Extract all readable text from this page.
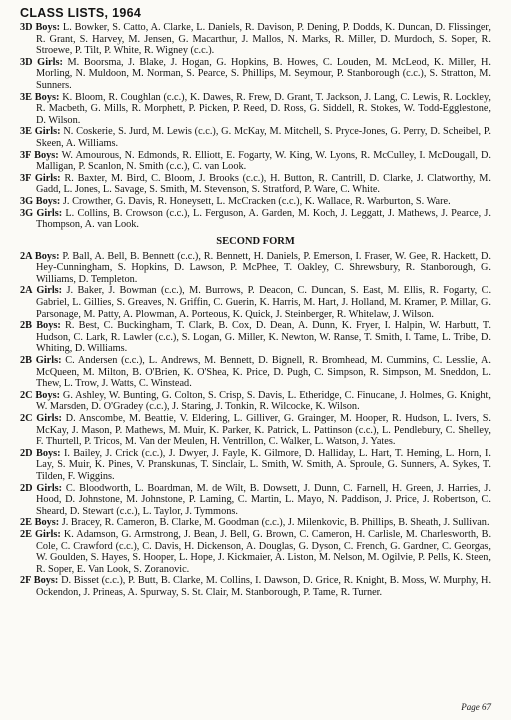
CLASS LISTS, 1964

3D Boys: L. Bowker, S. Catto, A. Clarke, L. Daniels, R. Davison, P. Dening, P. Dodds, K. Duncan, D. Flissinger, R. Grant, S. Harvey, M. Jensen, G. Macarthur, J. Mallos, N. Marks, R. Miller, D. Murdoch, S. Soper, R. Stroewe, P. Tilt, P. White, R. Wigney (c.c.).

3D Girls: M. Boorsma, J. Blake, J. Hogan, G. Hopkins, B. Howes, C. Louden, M. McLeod, K. Miller, H. Morling, N. Muldoon, M. Norman, S. Pearce, S. Phillips, M. Seymour, P. Stanborough (c.c.), S. Stratton, M. Sunners.

3E Boys: K. Bloom, R. Coughlan (c.c.), K. Dawes, R. Frew, D. Grant, T. Jackson, J. Lang, C. Lewis, R. Lockley, R. Macbeth, G. Mills, R. Morphett, P. Picken, P. Reed, D. Ross, G. Siddell, R. Stokes, W. Todd-Egglestone, D. Wilson.

3E Girls: N. Coskerie, S. Jurd, M. Lewis (c.c.), G. McKay, M. Mitchell, S. Pryce-Jones, G. Perry, D. Scheibel, P. Skeen, A. Williams.

3F Boys: W. Amourous, N. Edmonds, R. Elliott, E. Fogarty, W. King, W. Lyons, R. McCulley, I. McDougall, D. Malligan, P. Scanlon, N. Smith (c.c.), C. van Look.

3F Girls: R. Baxter, M. Bird, C. Bloom, J. Brooks (c.c.), H. Button, R. Cantrill, D. Clarke, J. Clatworthy, M. Gadd, L. Jones, L. Savage, S. Smith, M. Stevenson, S. Stratford, P. Ware, C. White.

3G Boys: J. Crowther, G. Davis, R. Honeysett, L. McCracken (c.c.), K. Wallace, R. Warburton, S. Ware.

3G Girls: L. Collins, B. Crowson (c.c.), L. Ferguson, A. Garden, M. Koch, J. Leggatt, J. Mathews, J. Pearce, J. Thompson, A. van Look.

SECOND FORM

2A Boys: P. Ball, A. Bell, B. Bennett (c.c.), R. Bennett, H. Daniels, P. Emerson, I. Fraser, W. Gee, R. Hackett, D. Hey-Cunningham, S. Hopkins, D. Lawson, P. McPhee, T. Oakley, C. Shrewsbury, R. Stanborough, G. Williams, D. Templeton.

2A Girls: J. Baker, J. Bowman (c.c.), M. Burrows, P. Deacon, C. Duncan, S. East, M. Ellis, R. Fogarty, C. Gabriel, L. Gillies, S. Greaves, N. Griffin, C. Guerin, K. Harris, M. Hart, J. Holland, M. Kramer, P. Millar, G. Parsonage, M. Patty, A. Plowman, A. Porteous, K. Quick, J. Steinberger, R. Whitelaw, J. Wilson.

2B Boys: R. Best, C. Buckingham, T. Clark, B. Cox, D. Dean, A. Dunn, K. Fryer, I. Halpin, W. Harbutt, T. Hudson, C. Lark, R. Lawler (c.c.), S. Logan, G. Miller, K. Newton, W. Ranse, T. Smith, I. Tame, L. Tribe, D. Whiting, D. Williams.

2B Girls: C. Andersen (c.c.), L. Andrews, M. Bennett, D. Bignell, R. Bromhead, M. Cummins, C. Lesslie, A. McQueen, M. Milton, B. O'Brien, K. O'Shea, K. Price, D. Pugh, C. Simpson, R. Simpson, M. Sneddon, L. Thew, L. Trow, J. Watts, C. Winstead.

2C Boys: G. Ashley, W. Bunting, G. Colton, S. Crisp, S. Davis, L. Etheridge, C. Finucane, J. Holmes, G. Knight, W. Marsden, D. O'Gradey (c.c.), J. Staring, J. Tonkin, R. Wilcocke, K. Wilson.

2C Girls: D. Anscombe, M. Beattie, V. Eldering, L. Gilliver, G. Grainger, M. Hooper, R. Hudson, L. Ivers, S. McKay, J. Mason, P. Mathews, M. Muir, K. Parker, K. Patrick, L. Pattinson (c.c.), L. Pendlebury, C. Shelley, F. Thurtell, P. Tricos, M. Van der Meulen, H. Ventrillon, C. Walker, L. Watson, J. Yates.

2D Boys: I. Bailey, J. Crick (c.c.), J. Dwyer, J. Fayle, K. Gilmore, D. Halliday, L. Hart, T. Heming, L. Horn, I. Lay, S. Muir, K. Pines, V. Pranskunas, T. Sinclair, L. Smith, W. Smith, A. Sproule, G. Sunners, A. Sykes, T. Tilden, F. Wiggins.

2D Girls: C. Bloodworth, L. Boardman, M. de Wilt, B. Dowsett, J. Dunn, C. Farnell, H. Green, J. Harries, J. Hood, D. Johnstone, M. Johnstone, P. Laming, C. Martin, L. Mayo, N. Paddison, J. Price, J. Robertson, C. Sheard, D. Stewart (c.c.), L. Taylor, J. Tymmons.

2E Boys: J. Bracey, R. Cameron, B. Clarke, M. Goodman (c.c.), J. Milenkovic, B. Phillips, B. Sheath, J. Sullivan.

2E Girls: K. Adamson, G. Armstrong, J. Bean, J. Bell, G. Brown, C. Cameron, H. Carlisle, M. Charlesworth, B. Cole, C. Crawford (c.c.), C. Davis, H. Dickenson, A. Douglas, G. Dyson, C. French, G. Gardner, C. Georgas, W. Goulden, S. Hayes, S. Hooper, L. Hope, J. Kickmaier, A. Liston, M. Nelson, M. Ogilvie, P. Pells, K. Steen, R. Soper, E. Van Look, S. Zoranovic.

2F Boys: D. Bisset (c.c.), P. Butt, B. Clarke, M. Collins, I. Dawson, D. Grice, R. Knight, B. Moss, W. Murphy, H. Ockendon, J. Prineas, A. Spurway, S. St. Clair, M. Stanborough, P. Tame, R. Turner.

Page 67
